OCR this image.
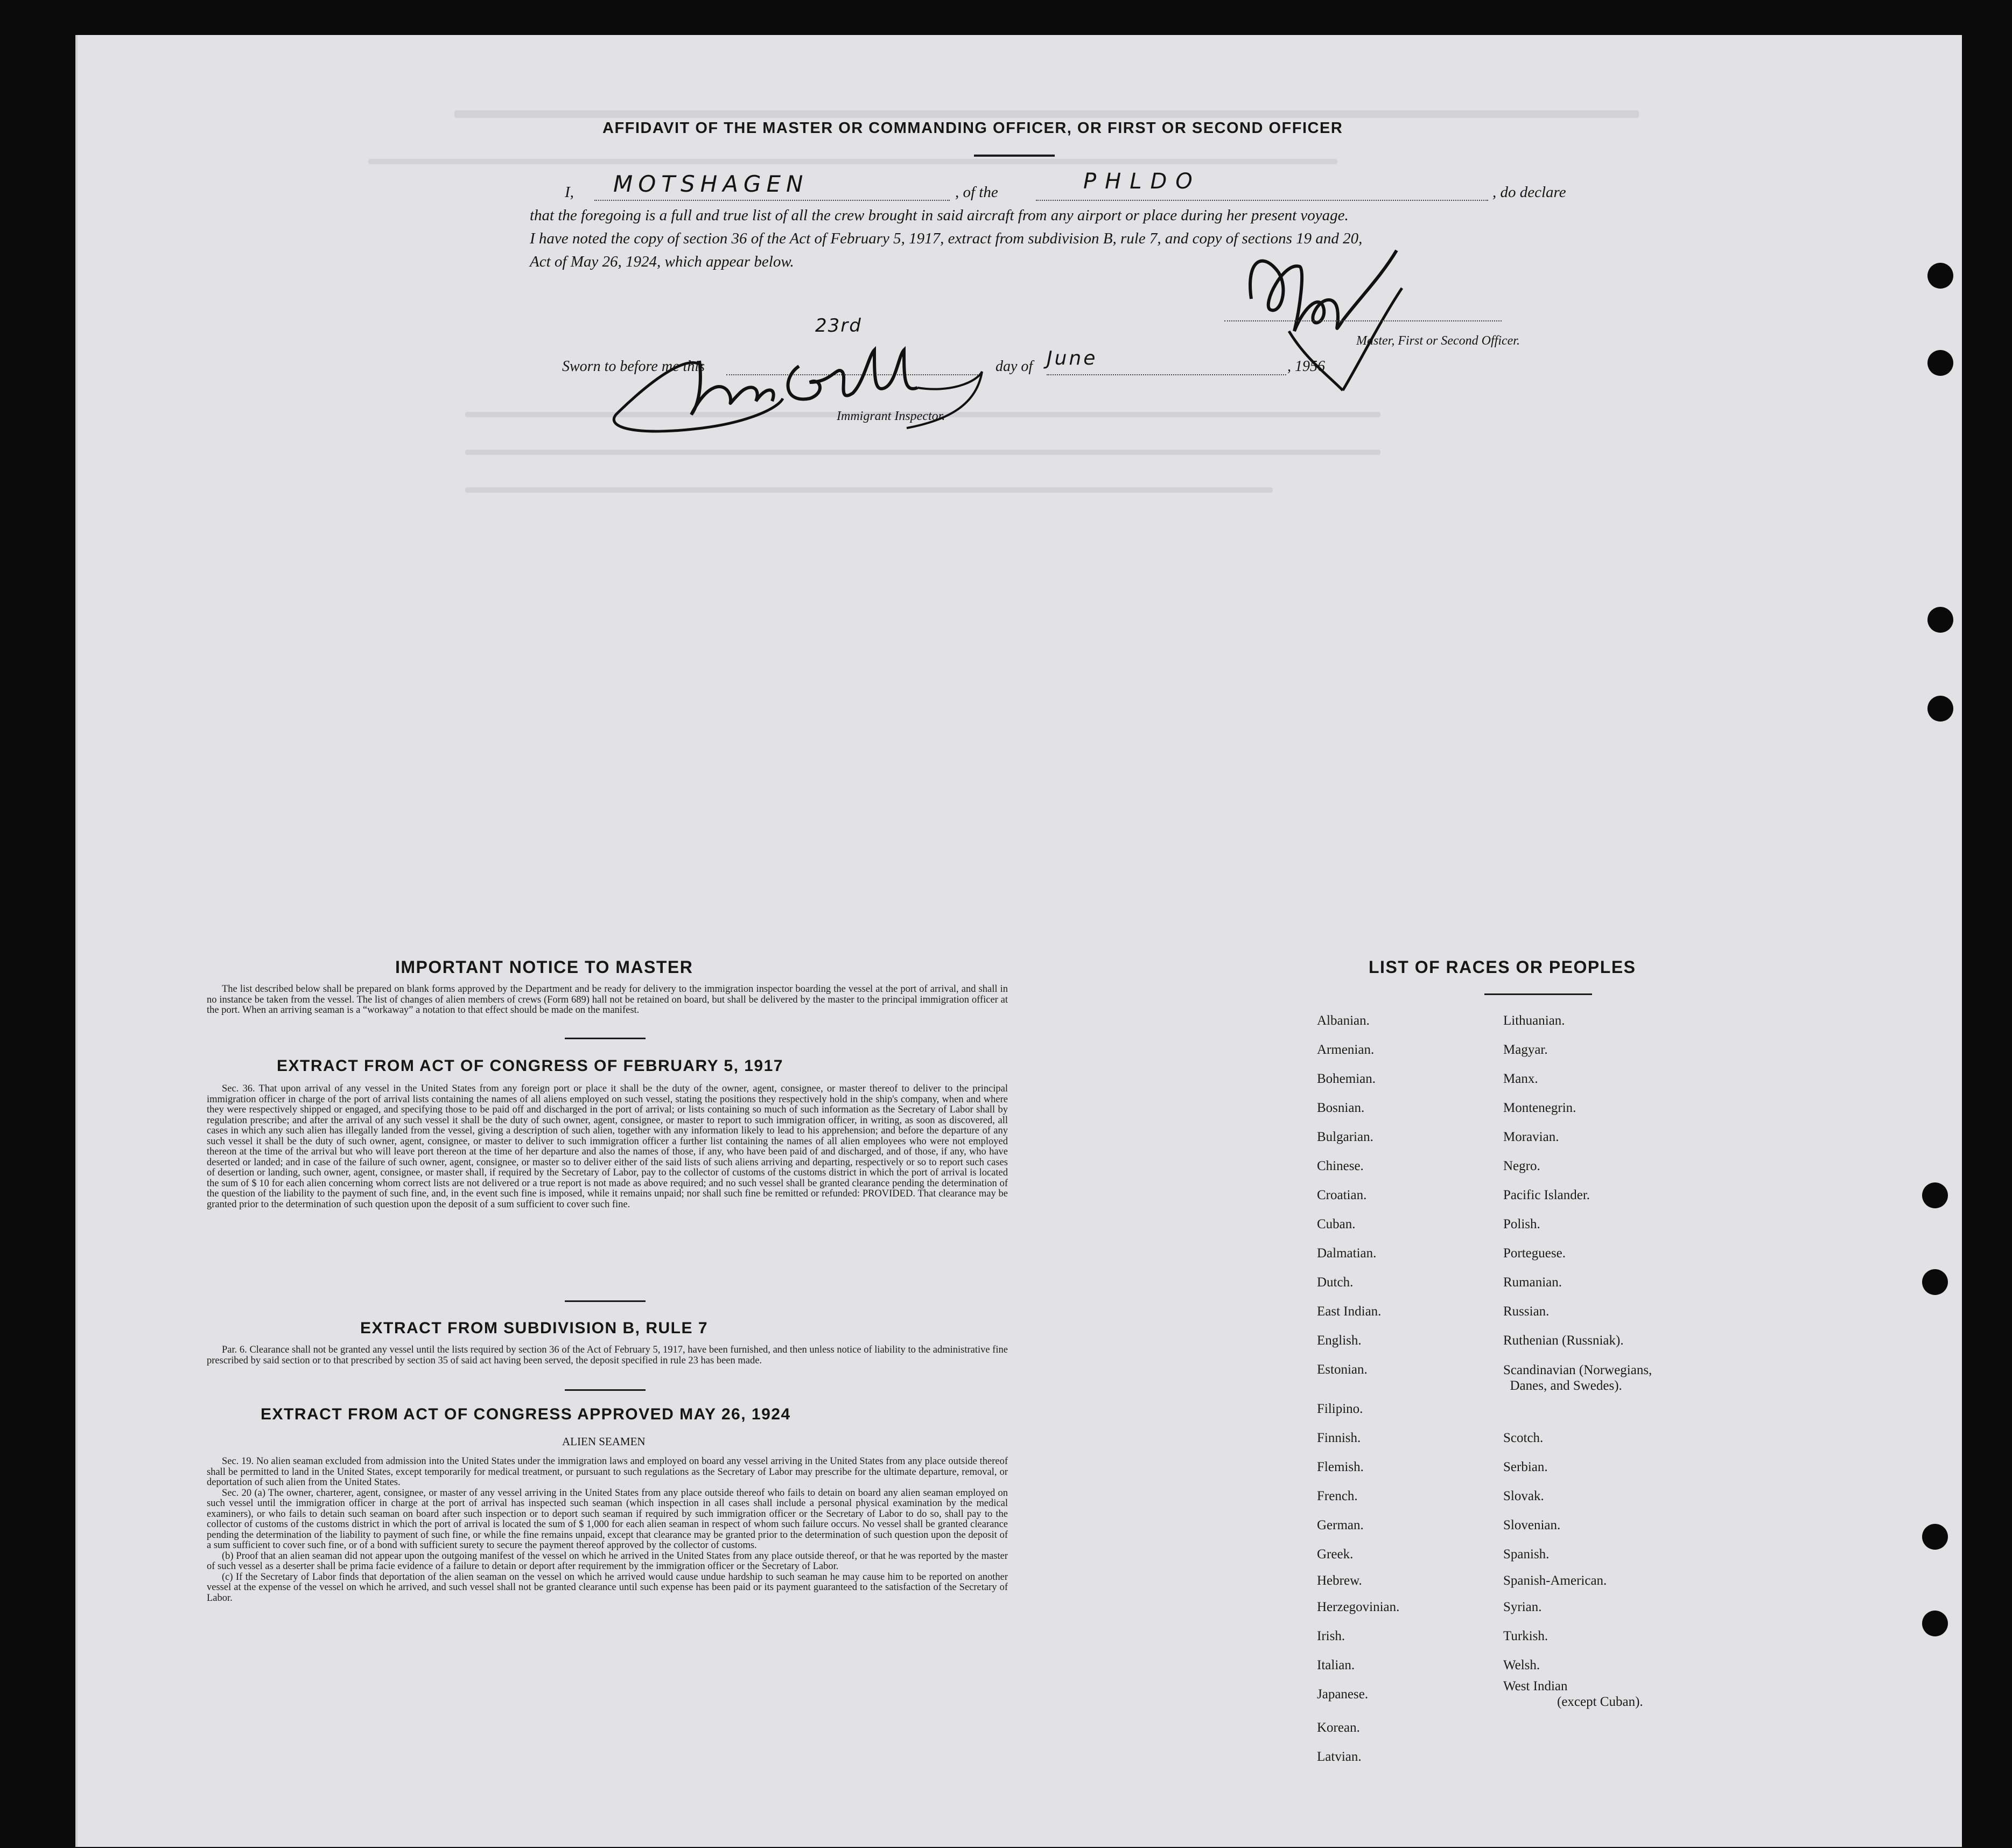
AFFIDAVIT OF THE MASTER OR COMMANDING OFFICER, OR FIRST OR SECOND OFFICER
I, MOTSHAGEN	, of the	PHLDO	, do declare
that the foregoing is a full and true list of all the crew brought in said aircraft from any airport or place during her present voyage.
I have noted the copy of section 36 of the Act of February 5, 1917, extract from subdivision B, rule 7, and copy of sections 19 and 20,
Act of May 26, 1924, which appear below.
Master, First or Second Officer.
Sworn to before me this
23rd
day of June	, 1956
Immigrant Inspector.
IMPORTANT NOTICE TO MASTER

The list described below shall be prepared on blank forms approved by the Department and be ready for delivery to the immigration inspector boarding the vessel at the port of arrival, and shall in no instance be taken from the vessel. The list of changes of alien members of crews (Form 689) hall not be retained on board, but shall be delivered by the master to the principal immigration officer at the port. When an arriving seaman is a “workaway” a notation to that effect should be made on the manifest.

EXTRACT FROM ACT OF CONGRESS OF FEBRUARY 5, 1917

Sec. 36. That upon arrival of any vessel in the United States from any foreign port or place it shall be the duty of the owner, agent, consignee, or master thereof to deliver to the principal immigration officer in charge of the port of arrival lists containing the names of all aliens employed on such vessel, stating the positions they respectively hold in the ship's company, when and where they were respectively shipped or engaged, and specifying those to be paid off and discharged in the port of arrival; or lists containing so much of such information as the Secretary of Labor shall by regulation prescribe; and after the arrival of any such vessel it shall be the duty of such owner, agent, consignee, or master to report to such immigration officer, in writing, as soon as discovered, all cases in which any such alien has illegally landed from the vessel, giving a description of such alien, together with any information likely to lead to his apprehension; and before the departure of any such vessel it shall be the duty of such owner, agent, consignee, or master to deliver to such immigration officer a further list containing the names of all alien employees who were not employed thereon at the time of the arrival but who will leave port thereon at the time of her departure and also the names of those, if any, who have been paid of and discharged, and of those, if any, who have deserted or landed; and in case of the failure of such owner, agent, consignee, or master so to deliver either of the said lists of such aliens arriving and departing, respectively or so to report such cases of desertion or landing, such owner, agent, consignee, or master shall, if required by the Secretary of Labor, pay to the collector of customs of the customs district in which the port of arrival is located the sum of $ 10 for each alien concerning whom correct lists are not delivered or a true report is not made as above required; and no such vessel shall be granted clearance pending the determination of the question of the liability to the payment of such fine, and, in the event such fine is imposed, while it remains unpaid; nor shall such fine be remitted or refunded: PROVIDED. That clearance may be granted prior to the determination of such question upon the deposit of a sum sufficient to cover such fine.

EXTRACT FROM SUBDIVISION B, RULE 7

Par. 6. Clearance shall not be granted any vessel until the lists required by section 36 of the Act of February 5, 1917, have been furnished, and then unless notice of liability to the administrative fine prescribed by said section or to that prescribed by section 35 of said act having been served, the deposit specified in rule 23 has been made.

EXTRACT FROM ACT OF CONGRESS APPROVED MAY 26, 1924
ALIEN SEAMEN

Sec. 19. No alien seaman excluded from admission into the United States under the immigration laws and employed on board any vessel arriving in the United States from any place outside thereof shall be permitted to land in the United States, except temporarily for medical treatment, or pursuant to such regulations as the Secretary of Labor may prescribe for the ultimate departure, removal, or deportation of such alien from the United States.

Sec. 20 (a) The owner, charterer, agent, consignee, or master of any vessel arriving in the United States from any place outside thereof who fails to detain on board any alien seaman employed on such vessel until the immigration officer in charge at the port of arrival has inspected such seaman (which inspection in all cases shall include a personal physical examination by the medical examiners), or who fails to detain such seaman on board after such inspection or to deport such seaman if required by such immigration officer or the Secretary of Labor to do so, shall pay to the collector of customs of the customs district in which the port of arrival is located the sum of $ 1,000 for each alien seaman in respect of whom such failure occurs. No vessel shall be granted clearance pending the determination of the liability to payment of such fine, or while the fine remains unpaid, except that clearance may be granted prior to the determination of such question upon the deposit of a sum sufficient to cover such fine, or of a bond with sufficient surety to secure the payment thereof approved by the collector of customs.

(b) Proof that an alien seaman did not appear upon the outgoing manifest of the vessel on which he arrived in the United States from any place outside thereof, or that he was reported by the master of such vessel as a deserter shall be prima facie evidence of a failure to detain or deport after requirement by the immigration officer or the Secretary of Labor.

(c) If the Secretary of Labor finds that deportation of the alien seaman on the vessel on which he arrived would cause undue hardship to such seaman he may cause him to be reported on another vessel at the expense of the vessel on which he arrived, and such vessel shall not be granted clearance until such expense has been paid or its payment guaranteed to the satisfaction of the Secretary of Labor.

LIST OF RACES OR PEOPLES
Albanian.
Armenian.
Bohemian.
Bosnian.
Bulgarian.
Chinese.
Croatian.
Cuban.
Dalmatian.
Dutch.
East Indian.
English.
Estonian.
Filipino.
Finnish.
Flemish.
French.
German.
Greek.
Hebrew.
Herzegovinian.
Irish.
Italian.
Japanese.
Korean.
Latvian.
Lithuanian.
Magyar.
Manx.
Montenegrin.
Moravian.
Negro.
Pacific Islander.
Polish.
Porteguese.
Rumanian.
Russian.
Ruthenian (Russniak).
Scandinavian (Norwegians,
Danes, and Swedes).
Scotch.
Serbian.
Slovak.
Slovenian.
Spanish.
Spanish-American.
Syrian.
Turkish.
Welsh.
West Indian
(except Cuban).
